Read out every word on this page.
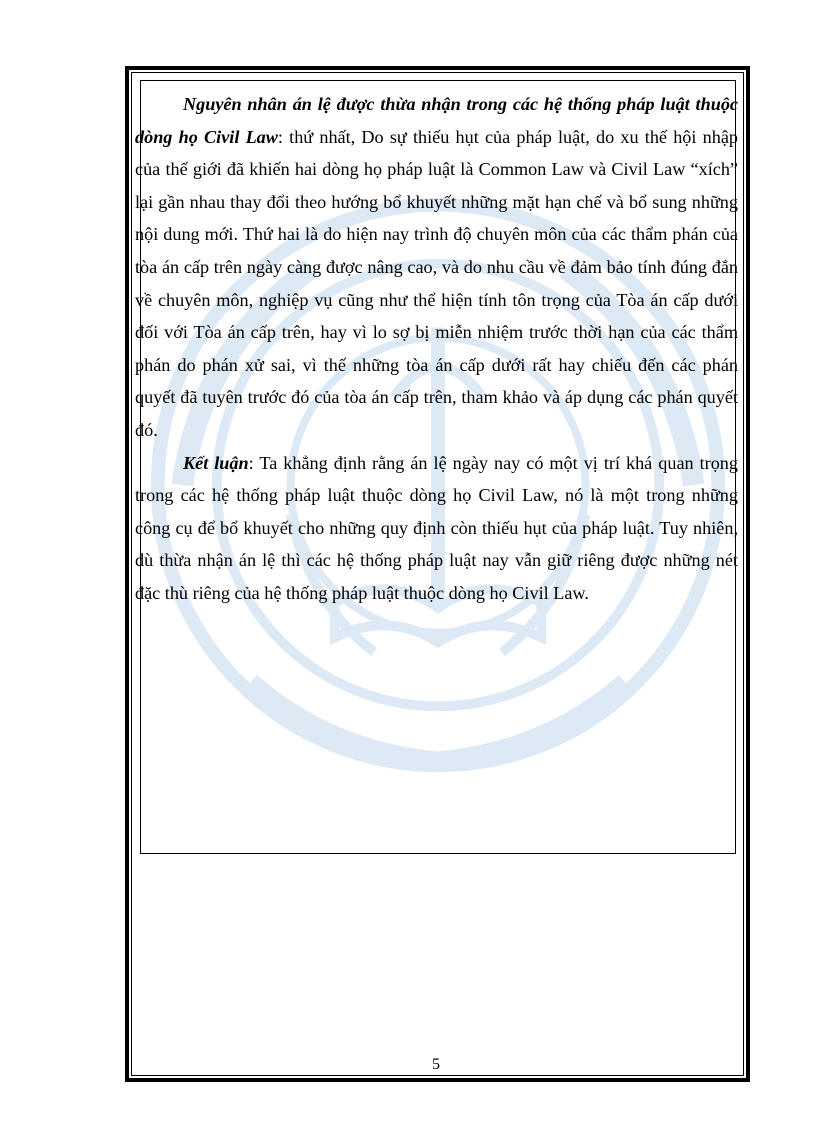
Nguyên nhân án lệ được thừa nhận trong các hệ thống pháp luật thuộc dòng họ Civil Law: thứ nhất, Do sự thiếu hụt của pháp luật, do xu thế hội nhập của thế giới đã khiến hai dòng họ pháp luật là Common Law và Civil Law “xích” lại gần nhau thay đổi theo hướng bổ khuyết những mặt hạn chế và bổ sung những nội dung mới. Thứ hai là do hiện nay trình độ chuyên môn của các thẩm phán của tòa án cấp trên ngày càng được nâng cao, và do nhu cầu về đảm bảo tính đúng đắn về chuyên môn, nghiệp vụ cũng như thể hiện tính tôn trọng của Tòa án cấp dưới đối với Tòa án cấp trên, hay vì lo sợ bị miễn nhiệm trước thời hạn của các thẩm phán do phán xử sai, vì thế những tòa án cấp dưới rất hay chiếu đến các phán quyết đã tuyên trước đó của tòa án cấp trên, tham khảo và áp dụng các phán quyết đó.

Kết luận: Ta khẳng định rằng án lệ ngày nay có một vị trí khá quan trọng trong các hệ thống pháp luật thuộc dòng họ Civil Law, nó là một trong những công cụ để bổ khuyết cho những quy định còn thiếu hụt của pháp luật. Tuy nhiên, dù thừa nhận án lệ thì các hệ thống pháp luật nay vẫn giữ riêng được những nét đặc thù riêng của hệ thống pháp luật thuộc dòng họ Civil Law.

5
